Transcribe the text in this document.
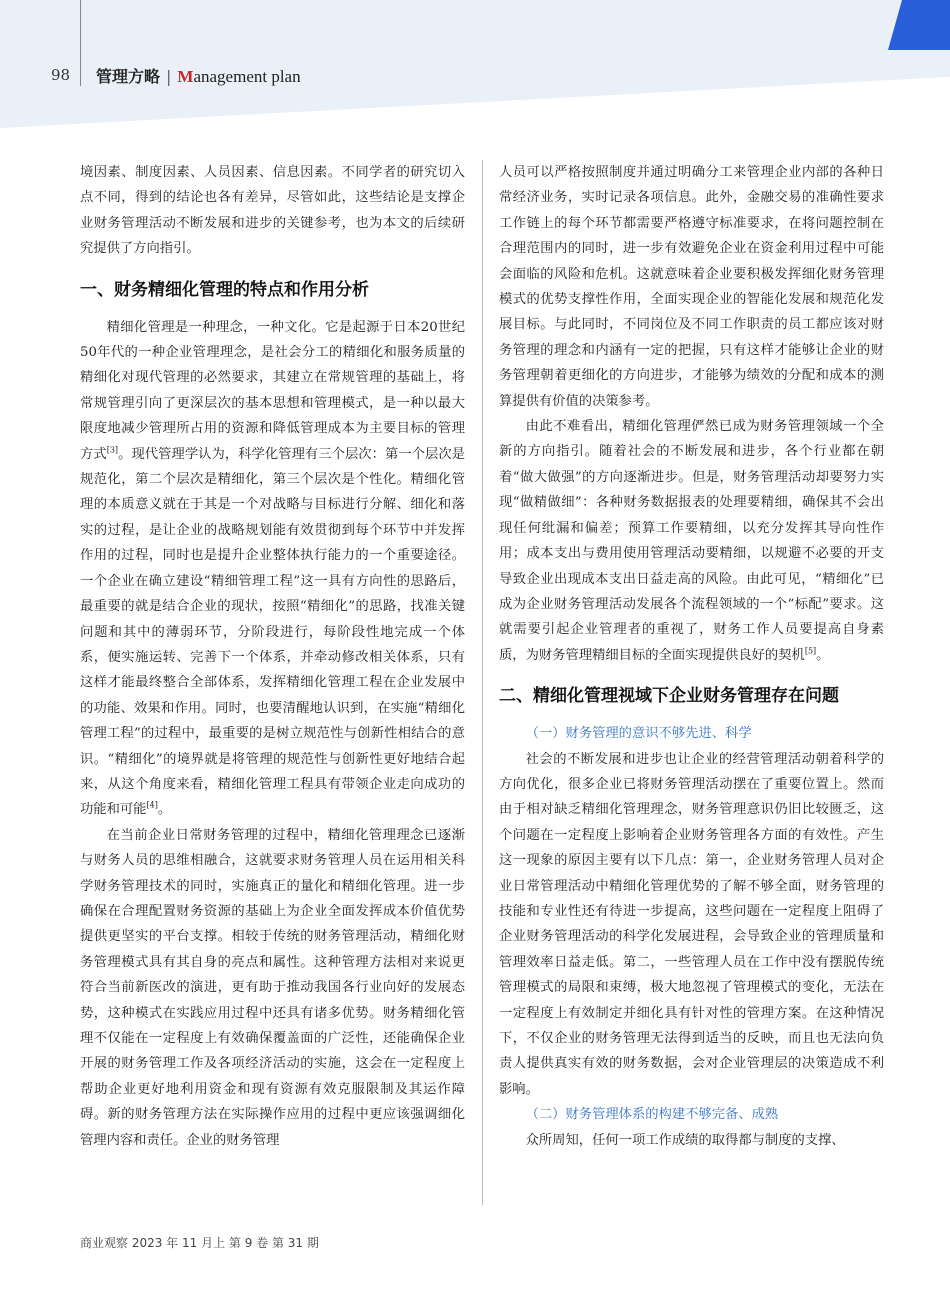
98 管理方略 | Management plan

境因素、制度因素、人员因素、信息因素。不同学者的研究切入点不同，得到的结论也各有差异，尽管如此，这些结论是支撑企业财务管理活动不断发展和进步的关键参考，也为本文的后续研究提供了方向指引。

一、财务精细化管理的特点和作用分析

精细化管理是一种理念，一种文化。它是起源于日本20世纪50年代的一种企业管理理念，是社会分工的精细化和服务质量的精细化对现代管理的必然要求，其建立在常规管理的基础上，将常规管理引向了更深层次的基本思想和管理模式，是一种以最大限度地减少管理所占用的资源和降低管理成本为主要目标的管理方式[3]。现代管理学认为，科学化管理有三个层次：第一个层次是规范化，第二个层次是精细化，第三个层次是个性化。精细化管理的本质意义就在于其是一个对战略与目标进行分解、细化和落实的过程，是让企业的战略规划能有效贯彻到每个环节中并发挥作用的过程，同时也是提升企业整体执行能力的一个重要途径。一个企业在确立建设“精细管理工程”这一具有方向性的思路后，最重要的就是结合企业的现状，按照“精细化”的思路，找准关键问题和其中的薄弱环节，分阶段进行，每阶段性地完成一个体系，便实施运转、完善下一个体系，并牵动修改相关体系，只有这样才能最终整合全部体系，发挥精细化管理工程在企业发展中的功能、效果和作用。同时，也要清醒地认识到，在实施“精细化管理工程”的过程中，最重要的是树立规范性与创新性相结合的意识。“精细化”的境界就是将管理的规范性与创新性更好地结合起来，从这个角度来看，精细化管理工程具有带领企业走向成功的功能和可能[4]。

在当前企业日常财务管理的过程中，精细化管理理念已逐渐与财务人员的思维相融合，这就要求财务管理人员在运用相关科学财务管理技术的同时，实施真正的量化和精细化管理。进一步确保在合理配置财务资源的基础上为企业全面发挥成本价值优势提供更坚实的平台支撑。相较于传统的财务管理活动，精细化财务管理模式具有其自身的亮点和属性。这种管理方法相对来说更符合当前新医改的演进，更有助于推动我国各行业向好的发展态势，这种模式在实践应用过程中还具有诸多优势。财务精细化管理不仅能在一定程度上有效确保覆盖面的广泛性，还能确保企业开展的财务管理工作及各项经济活动的实施，这会在一定程度上帮助企业更好地利用资金和现有资源有效克服限制及其运作障碍。新的财务管理方法在实际操作应用的过程中更应该强调细化管理内容和责任。企业的财务管理

人员可以严格按照制度并通过明确分工来管理企业内部的各种日常经济业务，实时记录各项信息。此外，金融交易的准确性要求工作链上的每个环节都需要严格遵守标准要求，在将问题控制在合理范围内的同时，进一步有效避免企业在资金利用过程中可能会面临的风险和危机。这就意味着企业要积极发挥细化财务管理模式的优势支撑性作用，全面实现企业的智能化发展和规范化发展目标。与此同时，不同岗位及不同工作职责的员工都应该对财务管理的理念和内涵有一定的把握，只有这样才能够让企业的财务管理朝着更细化的方向进步，才能够为绩效的分配和成本的测算提供有价值的决策参考。

由此不难看出，精细化管理俨然已成为财务管理领域一个全新的方向指引。随着社会的不断发展和进步，各个行业都在朝着“做大做强”的方向逐渐进步。但是，财务管理活动却要努力实现“做精做细”：各种财务数据报表的处理要精细，确保其不会出现任何纰漏和偏差；预算工作要精细，以充分发挥其导向性作用；成本支出与费用使用管理活动要精细，以规避不必要的开支导致企业出现成本支出日益走高的风险。由此可见，“精细化”已成为企业财务管理活动发展各个流程领域的一个“标配”要求。这就需要引起企业管理者的重视了，财务工作人员要提高自身素质，为财务管理精细目标的全面实现提供良好的契机[5]。

二、精细化管理视域下企业财务管理存在问题

（一）财务管理的意识不够先进、科学

社会的不断发展和进步也让企业的经营管理活动朝着科学的方向优化，很多企业已将财务管理活动摆在了重要位置上。然而由于相对缺乏精细化管理理念，财务管理意识仍旧比较匮乏，这个问题在一定程度上影响着企业财务管理各方面的有效性。产生这一现象的原因主要有以下几点：第一，企业财务管理人员对企业日常管理活动中精细化管理优势的了解不够全面，财务管理的技能和专业性还有待进一步提高，这些问题在一定程度上阻碍了企业财务管理活动的科学化发展进程，会导致企业的管理质量和管理效率日益走低。第二，一些管理人员在工作中没有摆脱传统管理模式的局限和束缚，极大地忽视了管理模式的变化，无法在一定程度上有效制定并细化具有针对性的管理方案。在这种情况下，不仅企业的财务管理无法得到适当的反映，而且也无法向负责人提供真实有效的财务数据，会对企业管理层的决策造成不利影响。

（二）财务管理体系的构建不够完备、成熟

众所周知，任何一项工作成绩的取得都与制度的支撑、

商业观察 2023 年 11 月上 第 9 卷 第 31 期
